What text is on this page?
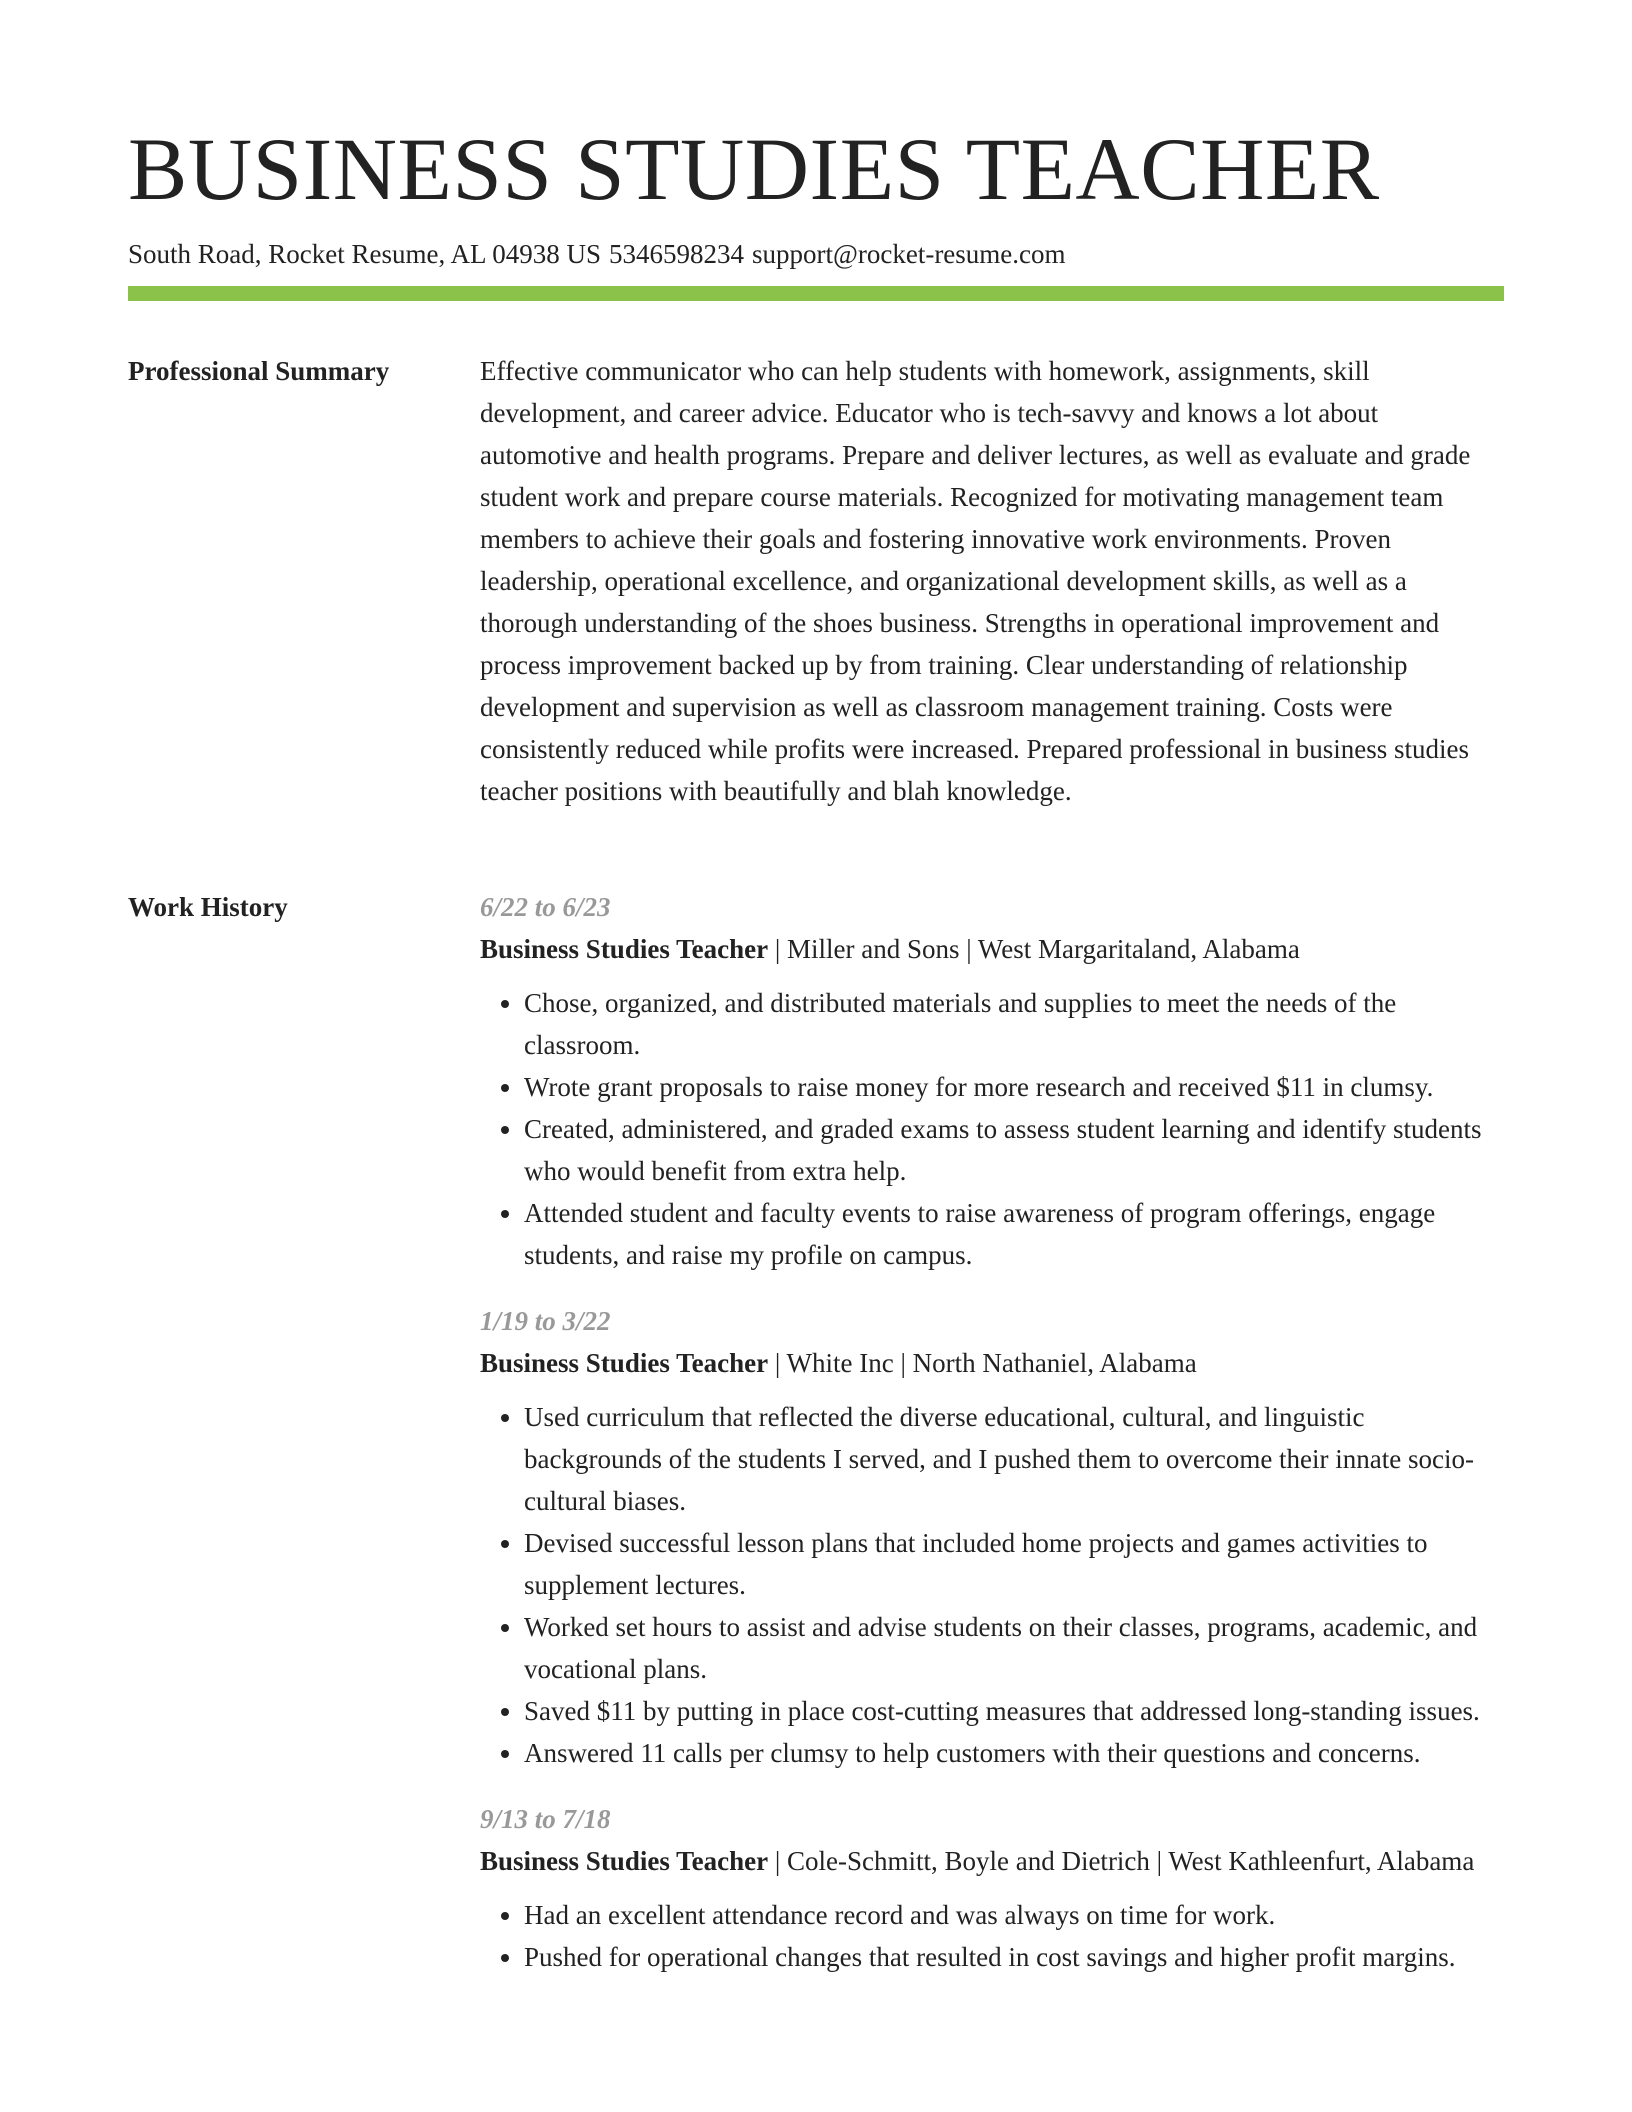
BUSINESS STUDIES TEACHER
South Road, Rocket Resume, AL 04938 US 5346598234 support@rocket-resume.com
Professional Summary	Effective communicator who can help students with homework, assignments, skill development, and career advice. Educator who is tech-savvy and knows a lot about automotive and health programs. Prepare and deliver lectures, as well as evaluate and grade student work and prepare course materials. Recognized for motivating management team members to achieve their goals and fostering innovative work environments. Proven leadership, operational excellence, and organizational development skills, as well as a thorough understanding of the shoes business. Strengths in operational improvement and process improvement backed up by from training. Clear understanding of relationship development and supervision as well as classroom management training. Costs were consistently reduced while profits were increased. Prepared professional in business studies teacher positions with beautifully and blah knowledge.

Work History	6/22 to 6/23
Business Studies Teacher | Miller and Sons | West Margaritaland, Alabama
• Chose, organized, and distributed materials and supplies to meet the needs of the classroom.
• Wrote grant proposals to raise money for more research and received $11 in clumsy.
• Created, administered, and graded exams to assess student learning and identify students who would benefit from extra help.
• Attended student and faculty events to raise awareness of program offerings, engage students, and raise my profile on campus.
1/19 to 3/22
Business Studies Teacher | White Inc | North Nathaniel, Alabama
• Used curriculum that reflected the diverse educational, cultural, and linguistic backgrounds of the students I served, and I pushed them to overcome their innate socio-cultural biases.
• Devised successful lesson plans that included home projects and games activities to supplement lectures.
• Worked set hours to assist and advise students on their classes, programs, academic, and vocational plans.
• Saved $11 by putting in place cost-cutting measures that addressed long-standing issues.
• Answered 11 calls per clumsy to help customers with their questions and concerns.
9/13 to 7/18
Business Studies Teacher | Cole-Schmitt, Boyle and Dietrich | West Kathleenfurt, Alabama
• Had an excellent attendance record and was always on time for work.
• Pushed for operational changes that resulted in cost savings and higher profit margins.
